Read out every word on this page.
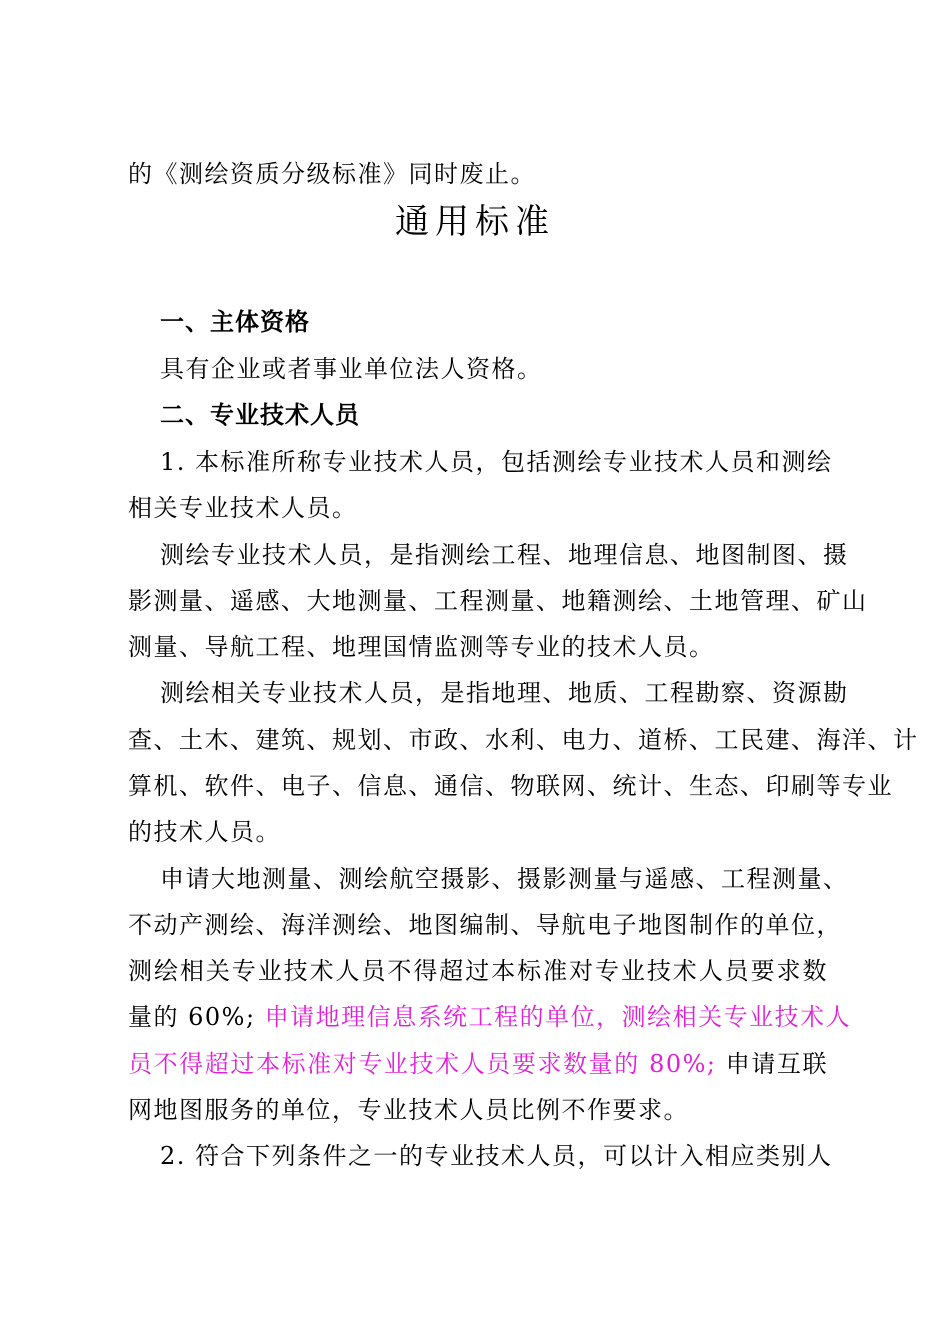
的《测绘资质分级标准》同时废止。
通用标准
一、主体资格
具有企业或者事业单位法人资格。
二、专业技术人员
1. 本标准所称专业技术人员，包括测绘专业技术人员和测绘
相关专业技术人员。
测绘专业技术人员，是指测绘工程、地理信息、地图制图、摄
影测量、遥感、大地测量、工程测量、地籍测绘、土地管理、矿山
测量、导航工程、地理国情监测等专业的技术人员。
测绘相关专业技术人员，是指地理、地质、工程勘察、资源勘
查、土木、建筑、规划、市政、水利、电力、道桥、工民建、海洋、计
算机、软件、电子、信息、通信、物联网、统计、生态、印刷等专业
的技术人员。
申请大地测量、测绘航空摄影、摄影测量与遥感、工程测量、
不动产测绘、海洋测绘、地图编制、导航电子地图制作的单位，
测绘相关专业技术人员不得超过本标准对专业技术人员要求数
量的 60%; 申请地理信息系统工程的单位，测绘相关专业技术人
员不得超过本标准对专业技术人员要求数量的 80%; 申请互联
网地图服务的单位，专业技术人员比例不作要求。
2. 符合下列条件之一的专业技术人员，可以计入相应类别人
